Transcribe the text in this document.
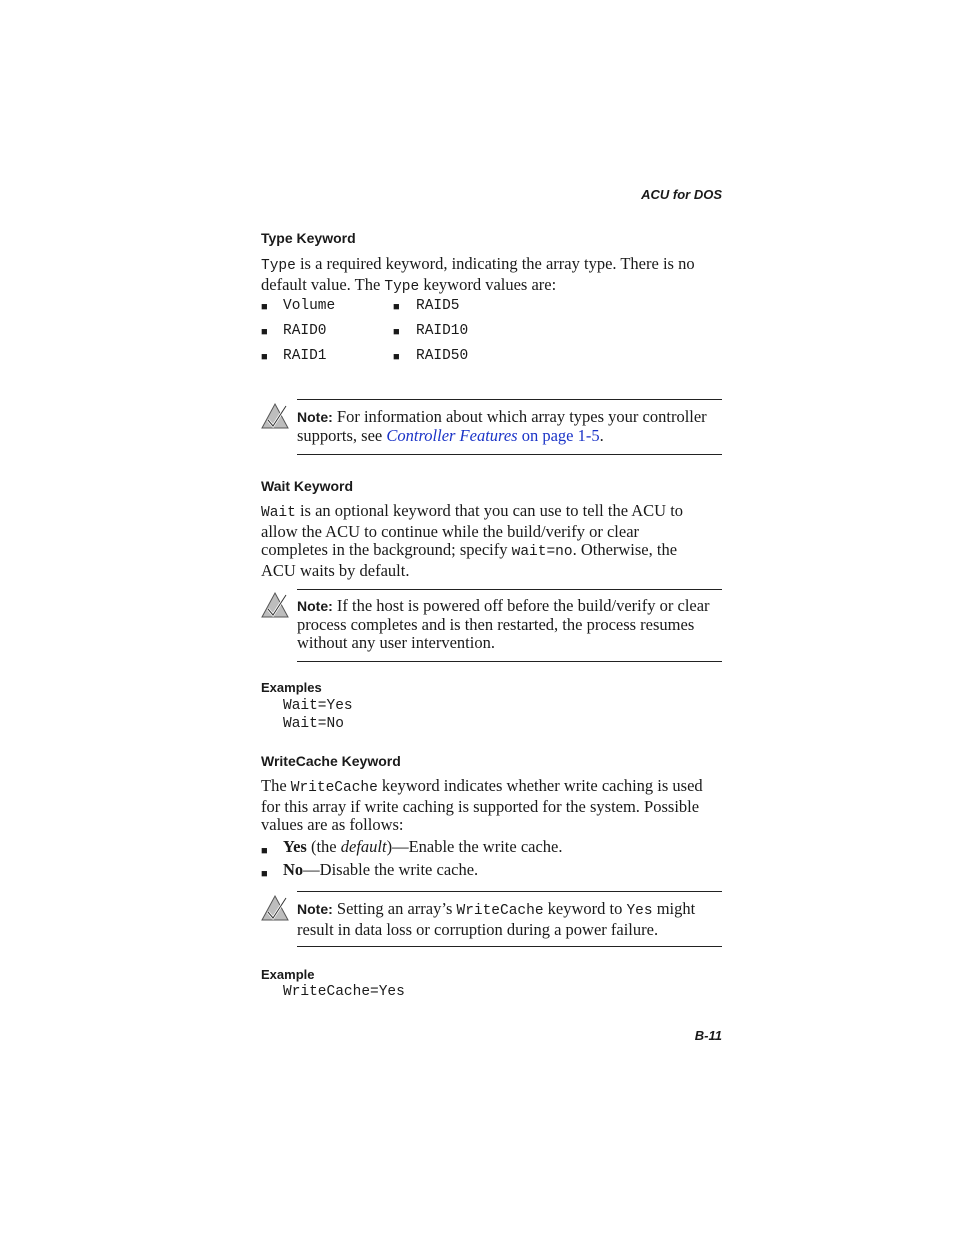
ACU for DOS
Type Keyword
Type is a required keyword, indicating the array type. There is no
default value. The Type keyword values are:
■ Volume
■ RAID0
■ RAID1
■ RAID5
■ RAID10
■ RAID50
Note: For information about which array types your controller
supports, see Controller Features on page 1-5.
Wait Keyword
Wait is an optional keyword that you can use to tell the ACU to
allow the ACU to continue while the build/verify or clear
completes in the background; specify wait=no. Otherwise, the
ACU waits by default.
Note: If the host is powered off before the build/verify or clear
process completes and is then restarted, the process resumes
without any user intervention.
Examples
Wait=Yes
Wait=No
WriteCache Keyword
The WriteCache keyword indicates whether write caching is used
for this array if write caching is supported for the system. Possible
values are as follows:
■ Yes (the default)—Enable the write cache.
■ No—Disable the write cache.
Note: Setting an array’s WriteCache keyword to Yes might
result in data loss or corruption during a power failure.
Example
WriteCache=Yes
B-11
